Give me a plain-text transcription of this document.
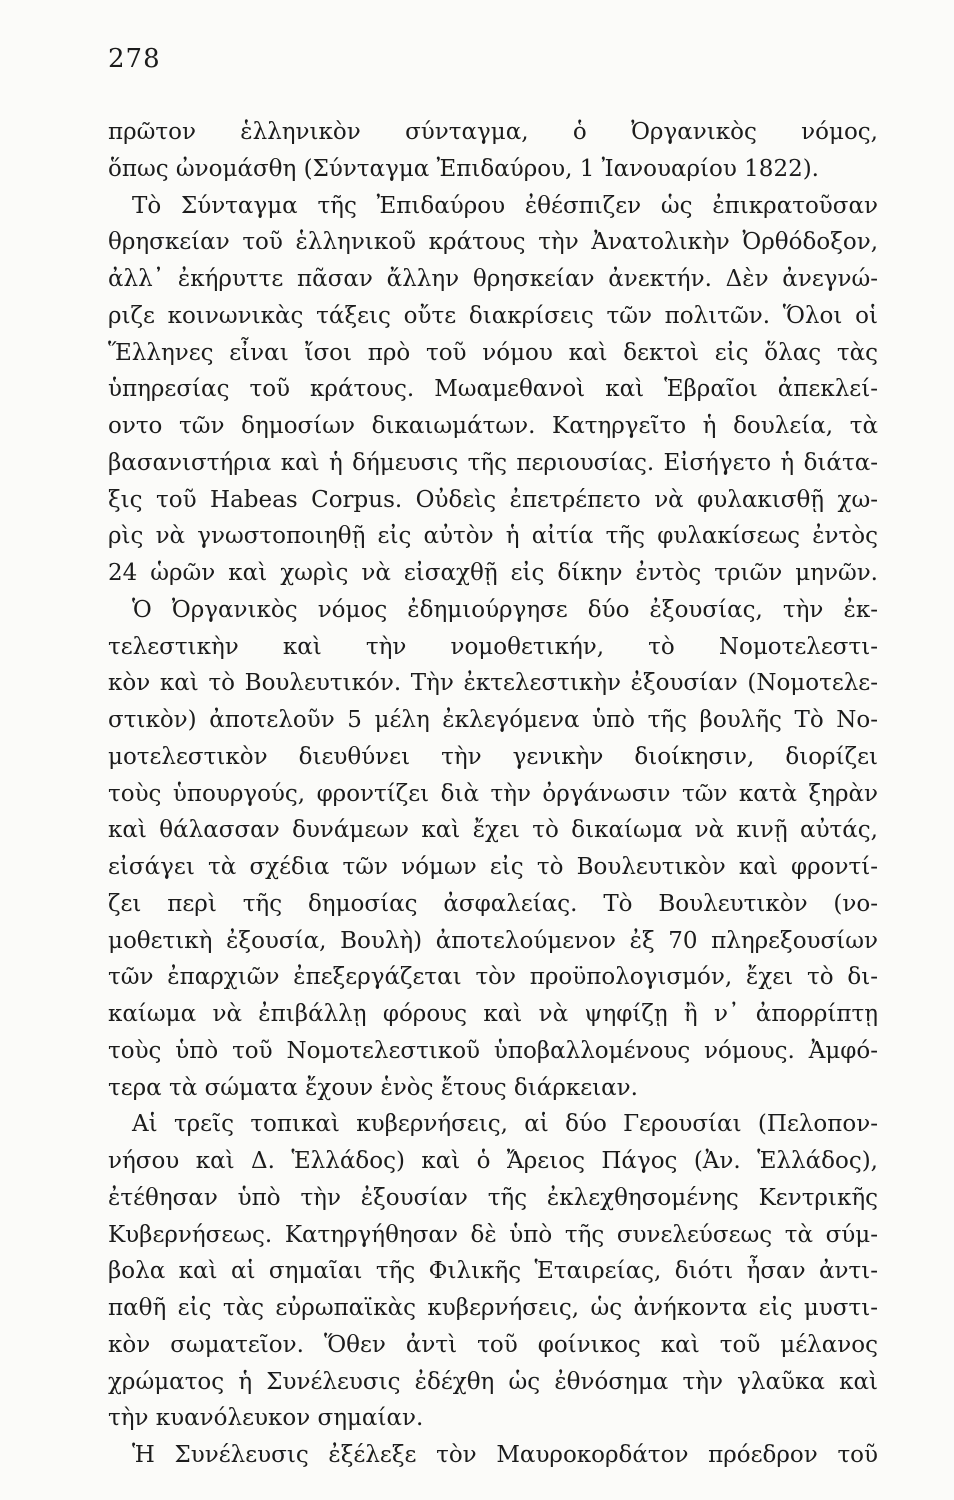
278
πρῶτον ἑλληνικὸν σύνταγμα, ὁ Ὀργανικὸς νόμος,
ὅπως ὠνομάσθη (Σύνταγμα Ἐπιδαύρου, 1 Ἰανουαρίου 1822).
Τὸ Σύνταγμα τῆς Ἐπιδαύρου ἐθέσπιζεν ὡς ἐπικρατοῦσαν
θρησκείαν τοῦ ἑλληνικοῦ κράτους τὴν Ἀνατολικὴν Ὀρθόδοξον,
ἀλλ᾽ ἐκήρυττε πᾶσαν ἄλλην θρησκείαν ἀνεκτήν. Δὲν ἀνεγνώ-
ριζε κοινωνικὰς τάξεις οὔτε διακρίσεις τῶν πολιτῶν. Ὅλοι οἱ
Ἕλληνες εἶναι ἴσοι πρὸ τοῦ νόμου καὶ δεκτοὶ εἰς ὅλας τὰς
ὑπηρεσίας τοῦ κράτους. Μωαμεθανοὶ καὶ Ἑβραῖοι ἀπεκλεί-
οντο τῶν δημοσίων δικαιωμάτων. Κατηργεῖτο ἡ δουλεία, τὰ
βασανιστήρια καὶ ἡ δήμευσις τῆς περιουσίας. Εἰσήγετο ἡ διάτα-
ξις τοῦ Habeas Corpus. Οὐδεὶς ἐπετρέπετο νὰ φυλακισθῇ χω-
ρὶς νὰ γνωστοποιηθῇ εἰς αὐτὸν ἡ αἰτία τῆς φυλακίσεως ἐντὸς
24 ὡρῶν καὶ χωρὶς νὰ εἰσαχθῇ εἰς δίκην ἐντὸς τριῶν μηνῶν.
Ὁ Ὀργανικὸς νόμος ἐδημιούργησε δύο ἐξουσίας, τὴν ἐκ-
τελεστικὴν καὶ τὴν νομοθετικήν, τὸ Νομοτελεστι-
κὸν καὶ τὸ Βουλευτικόν. Τὴν ἐκτελεστικὴν ἐξουσίαν (Νομοτελε-
στικὸν) ἀποτελοῦν 5 μέλη ἐκλεγόμενα ὑπὸ τῆς βουλῆς Τὸ Νο-
μοτελεστικὸν διευθύνει τὴν γενικὴν διοίκησιν, διορίζει
τοὺς ὑπουργούς, φροντίζει διὰ τὴν ὀργάνωσιν τῶν κατὰ ξηρὰν
καὶ θάλασσαν δυνάμεων καὶ ἔχει τὸ δικαίωμα νὰ κινῇ αὐτάς,
εἰσάγει τὰ σχέδια τῶν νόμων εἰς τὸ Βουλευτικὸν καὶ φροντί-
ζει περὶ τῆς δημοσίας ἀσφαλείας. Τὸ Βουλευτικὸν (νο-
μοθετικὴ ἐξουσία, Βουλὴ) ἀποτελούμενον ἐξ 70 πληρεξουσίων
τῶν ἐπαρχιῶν ἐπεξεργάζεται τὸν προϋπολογισμόν, ἔχει τὸ δι-
καίωμα νὰ ἐπιβάλλῃ φόρους καὶ νὰ ψηφίζῃ ἢ ν᾽ ἀπορρίπτῃ
τοὺς ὑπὸ τοῦ Νομοτελεστικοῦ ὑποβαλλομένους νόμους. Ἀμφό-
τερα τὰ σώματα ἔχουν ἑνὸς ἔτους διάρκειαν.
Αἱ τρεῖς τοπικαὶ κυβερνήσεις, αἱ δύο Γερουσίαι (Πελοπον-
νήσου καὶ Δ. Ἑλλάδος) καὶ ὁ Ἄρειος Πάγος (Ἀν. Ἑλλάδος),
ἐτέθησαν ὑπὸ τὴν ἐξουσίαν τῆς ἐκλεχθησομένης Κεντρικῆς
Κυβερνήσεως. Κατηργήθησαν δὲ ὑπὸ τῆς συνελεύσεως τὰ σύμ-
βολα καὶ αἱ σημαῖαι τῆς Φιλικῆς Ἑταιρείας, διότι ἦσαν ἀντι-
παθῆ εἰς τὰς εὐρωπαϊκὰς κυβερνήσεις, ὡς ἀνήκοντα εἰς μυστι-
κὸν σωματεῖον. Ὅθεν ἀντὶ τοῦ φοίνικος καὶ τοῦ μέλανος
χρώματος ἡ Συνέλευσις ἐδέχθη ὡς ἐθνόσημα τὴν γλαῦκα καὶ
τὴν κυανόλευκον σημαίαν.
Ἡ Συνέλευσις ἐξέλεξε τὸν Μαυροκορδάτον πρόεδρον τοῦ
